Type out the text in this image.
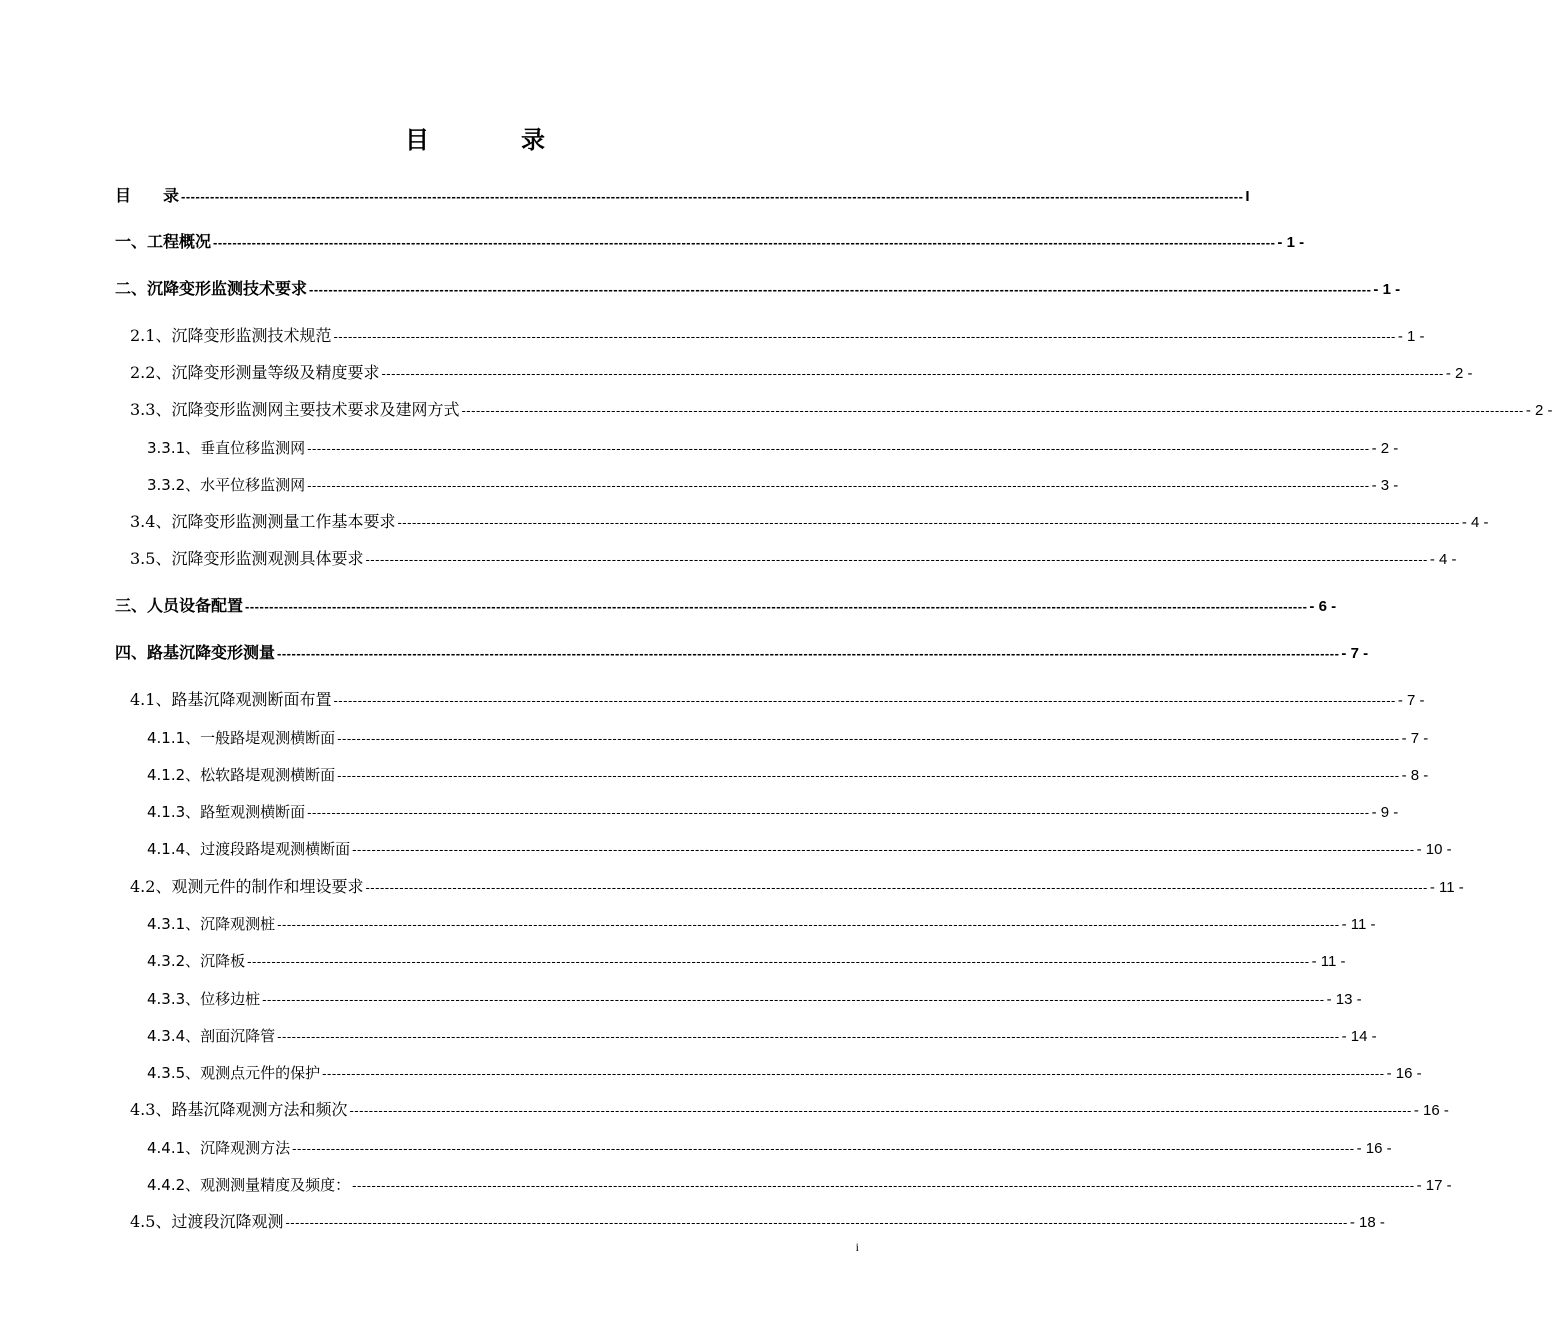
目　录
目　　录 ---------------------------------------------------------------------------------------------------------------------------------------------------------------------------------------------------------------------------- I
一、工程概况 ---------------------------------------------------------------------------------------------------------------------------------------------------------------------------------------------------------------------------- - 1 -
二、沉降变形监测技术要求 ---------------------------------------------------------------------------------------------------------------------------------------------------------------------------------------------------------------------------- - 1 -
2.1、沉降变形监测技术规范 ---------------------------------------------------------------------------------------------------------------------------------------------------------------------------------------------------------------------------- - 1 -
2.2、沉降变形测量等级及精度要求 ---------------------------------------------------------------------------------------------------------------------------------------------------------------------------------------------------------------------------- - 2 -
3.3、沉降变形监测网主要技术要求及建网方式 ---------------------------------------------------------------------------------------------------------------------------------------------------------------------------------------------------------------------------- - 2 -
3.3.1、垂直位移监测网 ---------------------------------------------------------------------------------------------------------------------------------------------------------------------------------------------------------------------------- - 2 -
3.3.2、水平位移监测网 ---------------------------------------------------------------------------------------------------------------------------------------------------------------------------------------------------------------------------- - 3 -
3.4、沉降变形监测测量工作基本要求 ---------------------------------------------------------------------------------------------------------------------------------------------------------------------------------------------------------------------------- - 4 -
3.5、沉降变形监测观测具体要求 ---------------------------------------------------------------------------------------------------------------------------------------------------------------------------------------------------------------------------- - 4 -
三、人员设备配置 ---------------------------------------------------------------------------------------------------------------------------------------------------------------------------------------------------------------------------- - 6 -
四、路基沉降变形测量 ---------------------------------------------------------------------------------------------------------------------------------------------------------------------------------------------------------------------------- - 7 -
4.1、路基沉降观测断面布置 ---------------------------------------------------------------------------------------------------------------------------------------------------------------------------------------------------------------------------- - 7 -
4.1.1、一般路堤观测横断面 ---------------------------------------------------------------------------------------------------------------------------------------------------------------------------------------------------------------------------- - 7 -
4.1.2、松软路堤观测横断面 ---------------------------------------------------------------------------------------------------------------------------------------------------------------------------------------------------------------------------- - 8 -
4.1.3、路堑观测横断面 ---------------------------------------------------------------------------------------------------------------------------------------------------------------------------------------------------------------------------- - 9 -
4.1.4、过渡段路堤观测横断面 ---------------------------------------------------------------------------------------------------------------------------------------------------------------------------------------------------------------------------- - 10 -
4.2、观测元件的制作和埋设要求 ---------------------------------------------------------------------------------------------------------------------------------------------------------------------------------------------------------------------------- - 11 -
4.3.1、沉降观测桩 ---------------------------------------------------------------------------------------------------------------------------------------------------------------------------------------------------------------------------- - 11 -
4.3.2、沉降板 ---------------------------------------------------------------------------------------------------------------------------------------------------------------------------------------------------------------------------- - 11 -
4.3.3、位移边桩 ---------------------------------------------------------------------------------------------------------------------------------------------------------------------------------------------------------------------------- - 13 -
4.3.4、剖面沉降管 ---------------------------------------------------------------------------------------------------------------------------------------------------------------------------------------------------------------------------- - 14 -
4.3.5、观测点元件的保护 ---------------------------------------------------------------------------------------------------------------------------------------------------------------------------------------------------------------------------- - 16 -
4.3、路基沉降观测方法和频次 ---------------------------------------------------------------------------------------------------------------------------------------------------------------------------------------------------------------------------- - 16 -
4.4.1、沉降观测方法 ---------------------------------------------------------------------------------------------------------------------------------------------------------------------------------------------------------------------------- - 16 -
4.4.2、观测测量精度及频度： ---------------------------------------------------------------------------------------------------------------------------------------------------------------------------------------------------------------------------- - 17 -
4.5、过渡段沉降观测 ---------------------------------------------------------------------------------------------------------------------------------------------------------------------------------------------------------------------------- - 18 -
i
